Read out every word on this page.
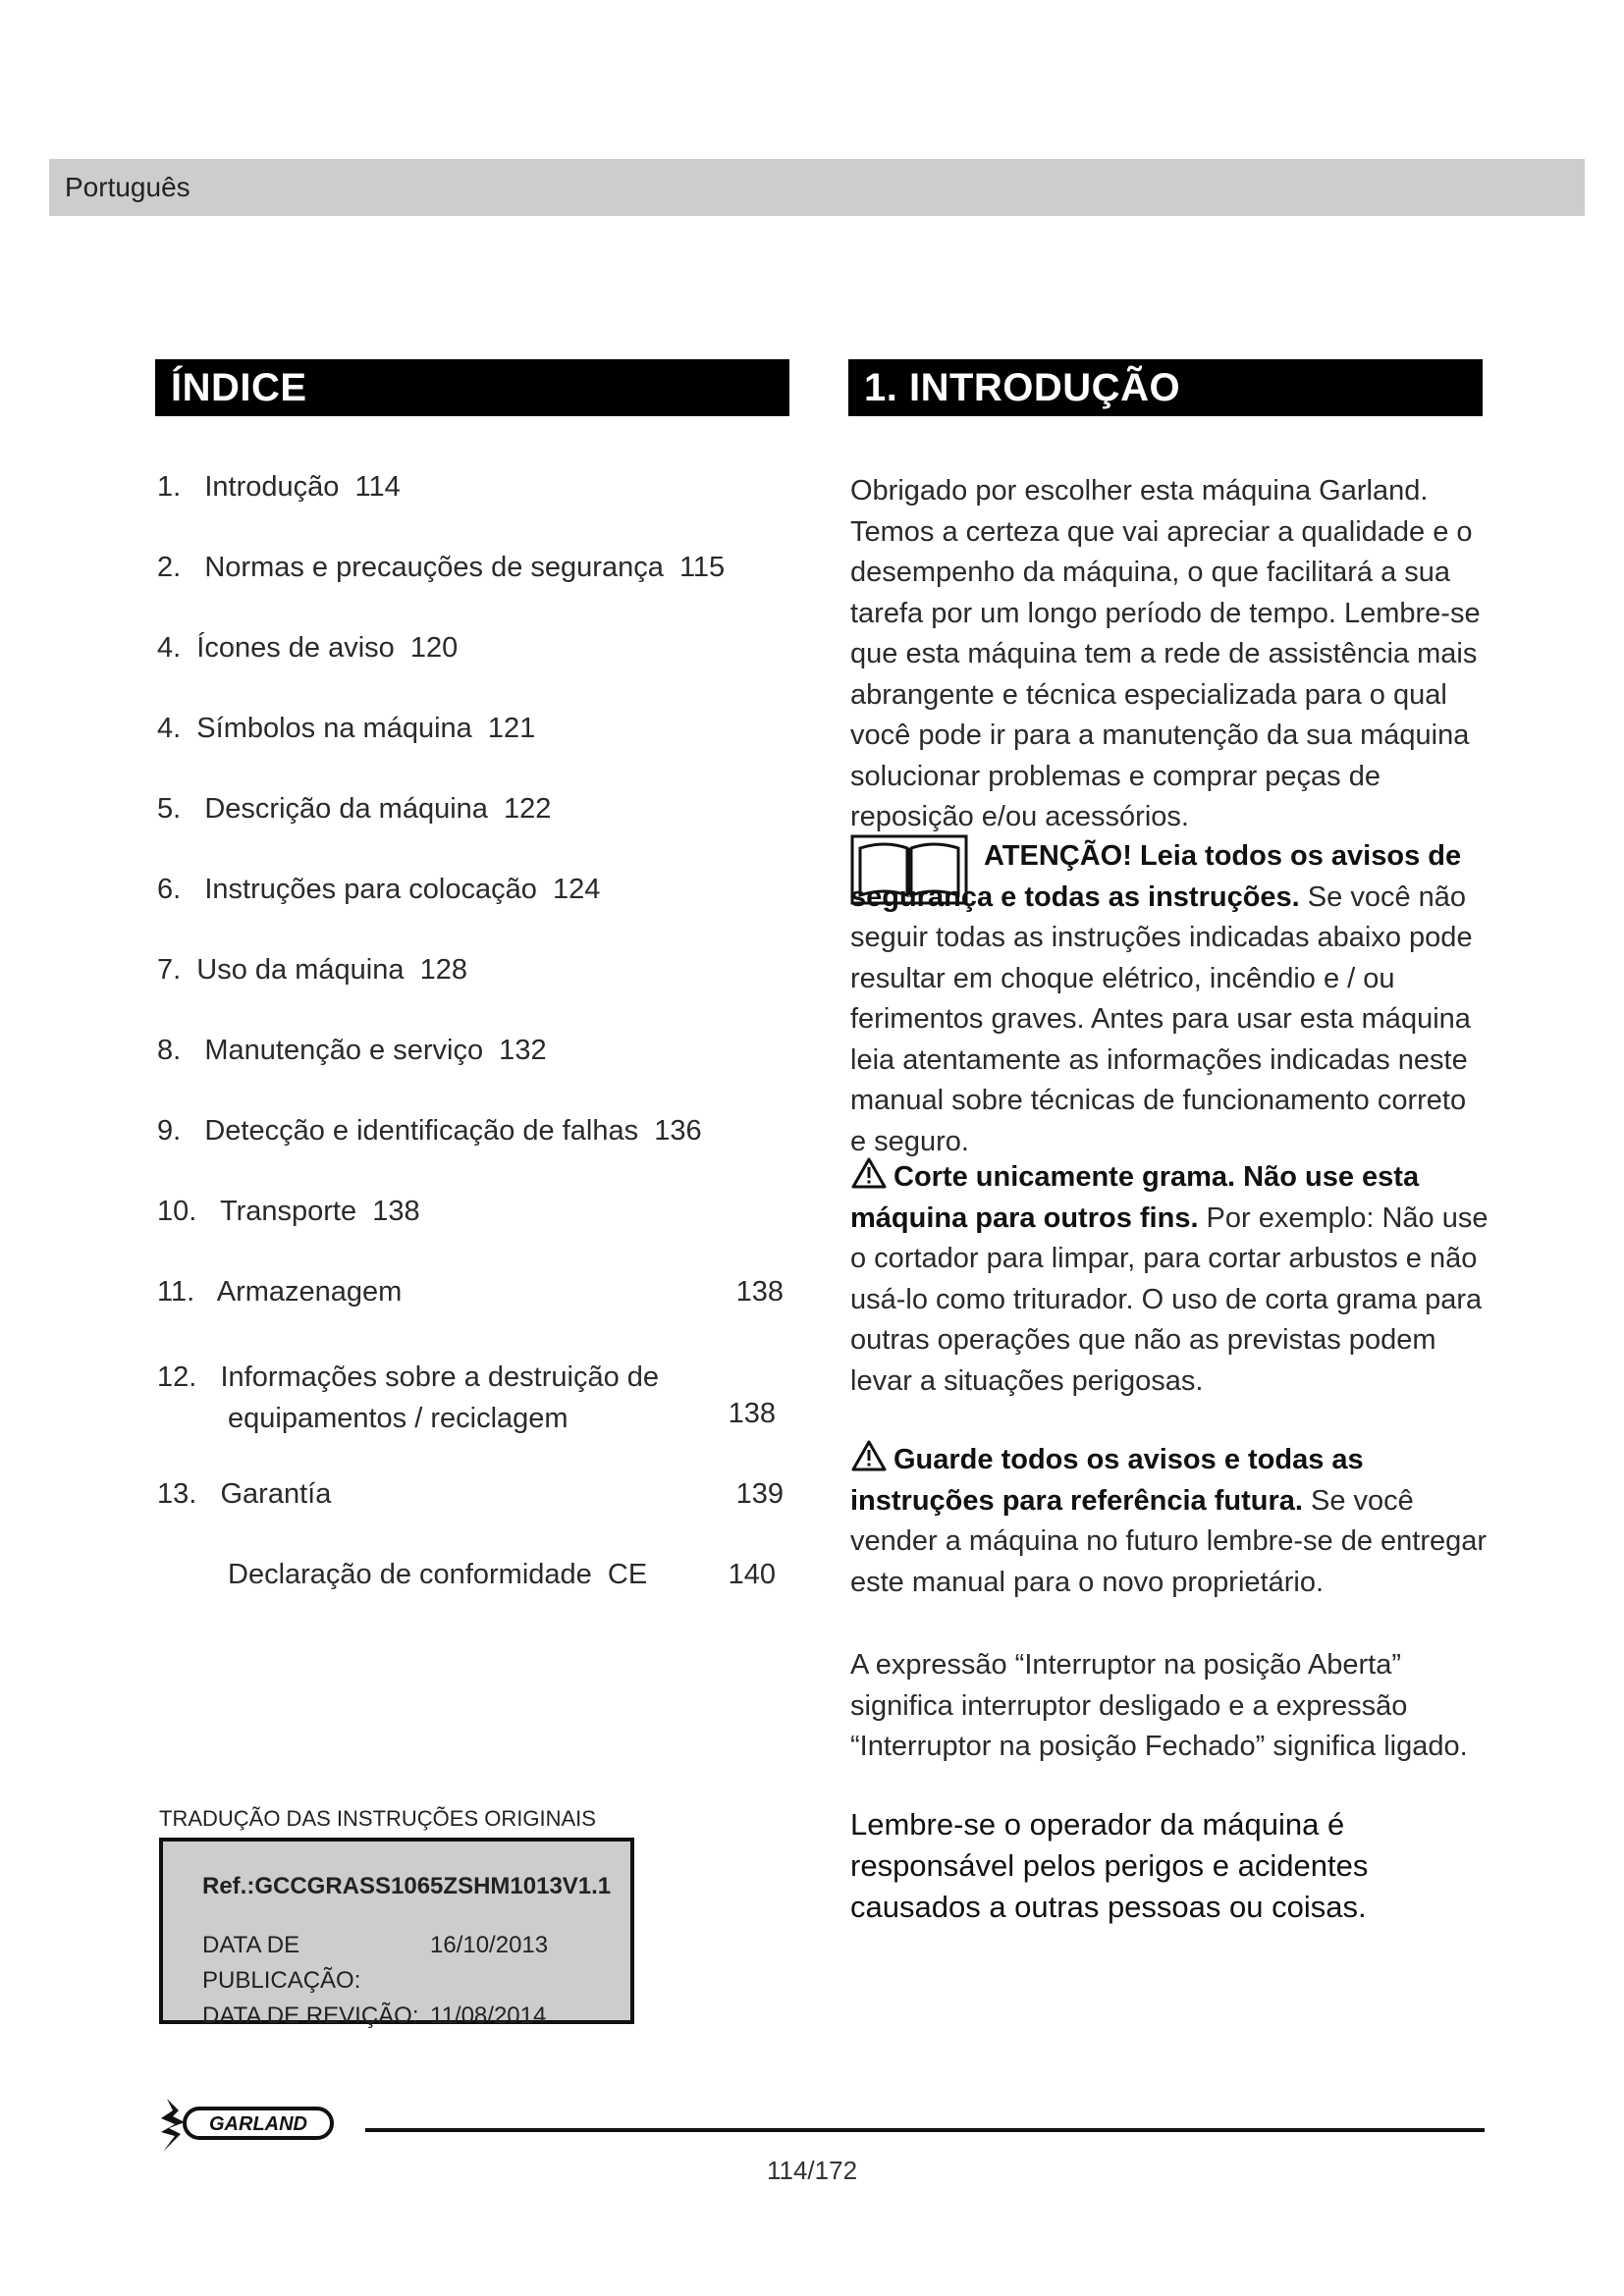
Português
ÍNDICE	1. INTRODUÇÃO
1.   Introdução  114
2.   Normas e precauções de segurança  115
4.  Ícones de aviso  120
4.  Símbolos na máquina  121
5.   Descrição da máquina  122
6.   Instruções para colocação  124
7.  Uso da máquina  128
8.   Manutenção e serviço  132
9.   Detecção e identificação de falhas  136
10.   Transporte  138
11.   Armazenagem	138
12.   Informações sobre a destruição de
equipamentos / reciclagem	138
13.   Garantía	139
Declaração de conformidade  CE	140

Obrigado por escolher esta máquina Garland. Temos a certeza que vai apreciar a qualidade e o desempenho da máquina, o que facilitará a sua tarefa por um longo período de tempo. Lembre-se que esta máquina tem a rede de assistência mais abrangente e técnica especializada para o qual você pode ir para a manutenção da sua máquina solucionar problemas e comprar peças de reposição e/ou acessórios.

ATENÇÃO! Leia todos os avisos de segurança e todas as instruções. Se você não seguir todas as instruções indicadas abaixo pode resultar em choque elétrico, incêndio e / ou ferimentos graves. Antes para usar esta máquina leia atentamente as informações indicadas neste manual sobre técnicas de funcionamento correto e seguro.

Corte unicamente grama. Não use esta máquina para outros fins. Por exemplo: Não use o cortador para limpar, para cortar arbustos e não usá-lo como triturador. O uso de corta grama para outras operações que não as previstas podem levar a situações perigosas.

Guarde todos os avisos e todas as instruções para referência futura. Se você vender a máquina no futuro lembre-se de entregar este manual para o novo proprietário.

A expressão “Interruptor na posição Aberta” significa interruptor desligado e a expressão “Interruptor na posição Fechado” significa ligado.

Lembre-se o operador da máquina é responsável pelos perigos e acidentes causados a outras pessoas ou coisas.

TRADUÇÃO DAS INSTRUÇÕES ORIGINAIS
Ref.:GCCGRASS1065ZSHM1013V1.1
DATA DE PUBLICAÇÃO:
16/10/2013
DATA DE REVIÇÃO: 11/08/2014
GARLAND
114/172
